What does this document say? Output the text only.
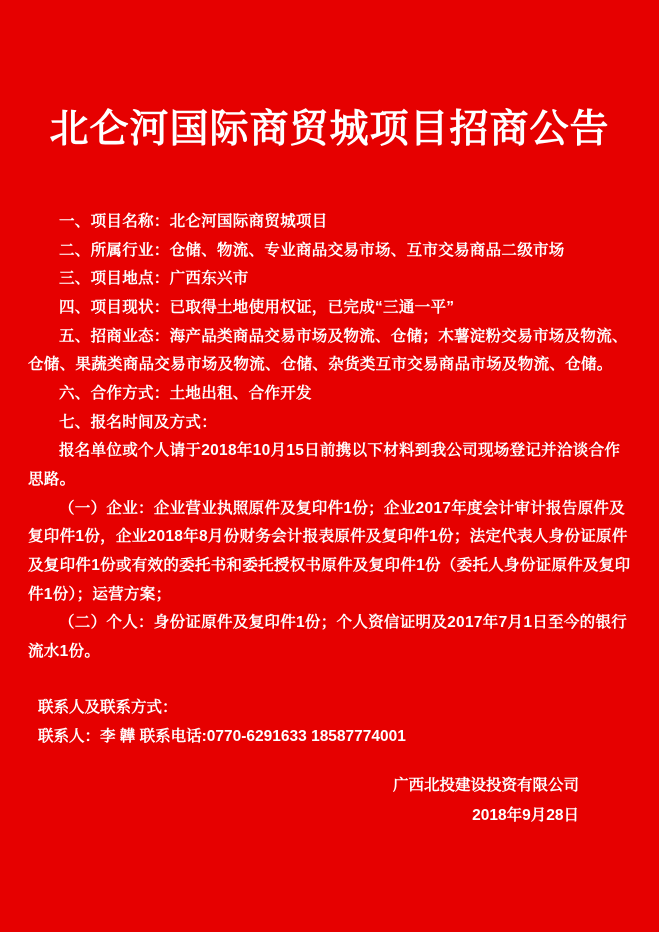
北仑河国际商贸城项目招商公告

一、项目名称：北仑河国际商贸城项目

二、所属行业：仓储、物流、专业商品交易市场、互市交易商品二级市场

三、项目地点：广西东兴市

四、项目现状：已取得土地使用权证，已完成“三通一平”

五、招商业态：海产品类商品交易市场及物流、仓储；木薯淀粉交易市场及物流、仓储、果蔬类商品交易市场及物流、仓储、杂货类互市交易商品市场及物流、仓储。

六、合作方式：土地出租、合作开发

七、报名时间及方式：

报名单位或个人请于2018年10月15日前携以下材料到我公司现场登记并洽谈合作思路。

（一）企业：企业营业执照原件及复印件1份；企业2017年度会计审计报告原件及复印件1份，企业2018年8月份财务会计报表原件及复印件1份；法定代表人身份证原件及复印件1份或有效的委托书和委托授权书原件及复印件1份（委托人身份证原件及复印件1份）；运营方案；

（二）个人：身份证原件及复印件1份；个人资信证明及2017年7月1日至今的银行流水1份。

联系人及联系方式：
联系人：李 韡 联系电话:0770-6291633 18587774001
广西北投建设投资有限公司
2018年9月28日
